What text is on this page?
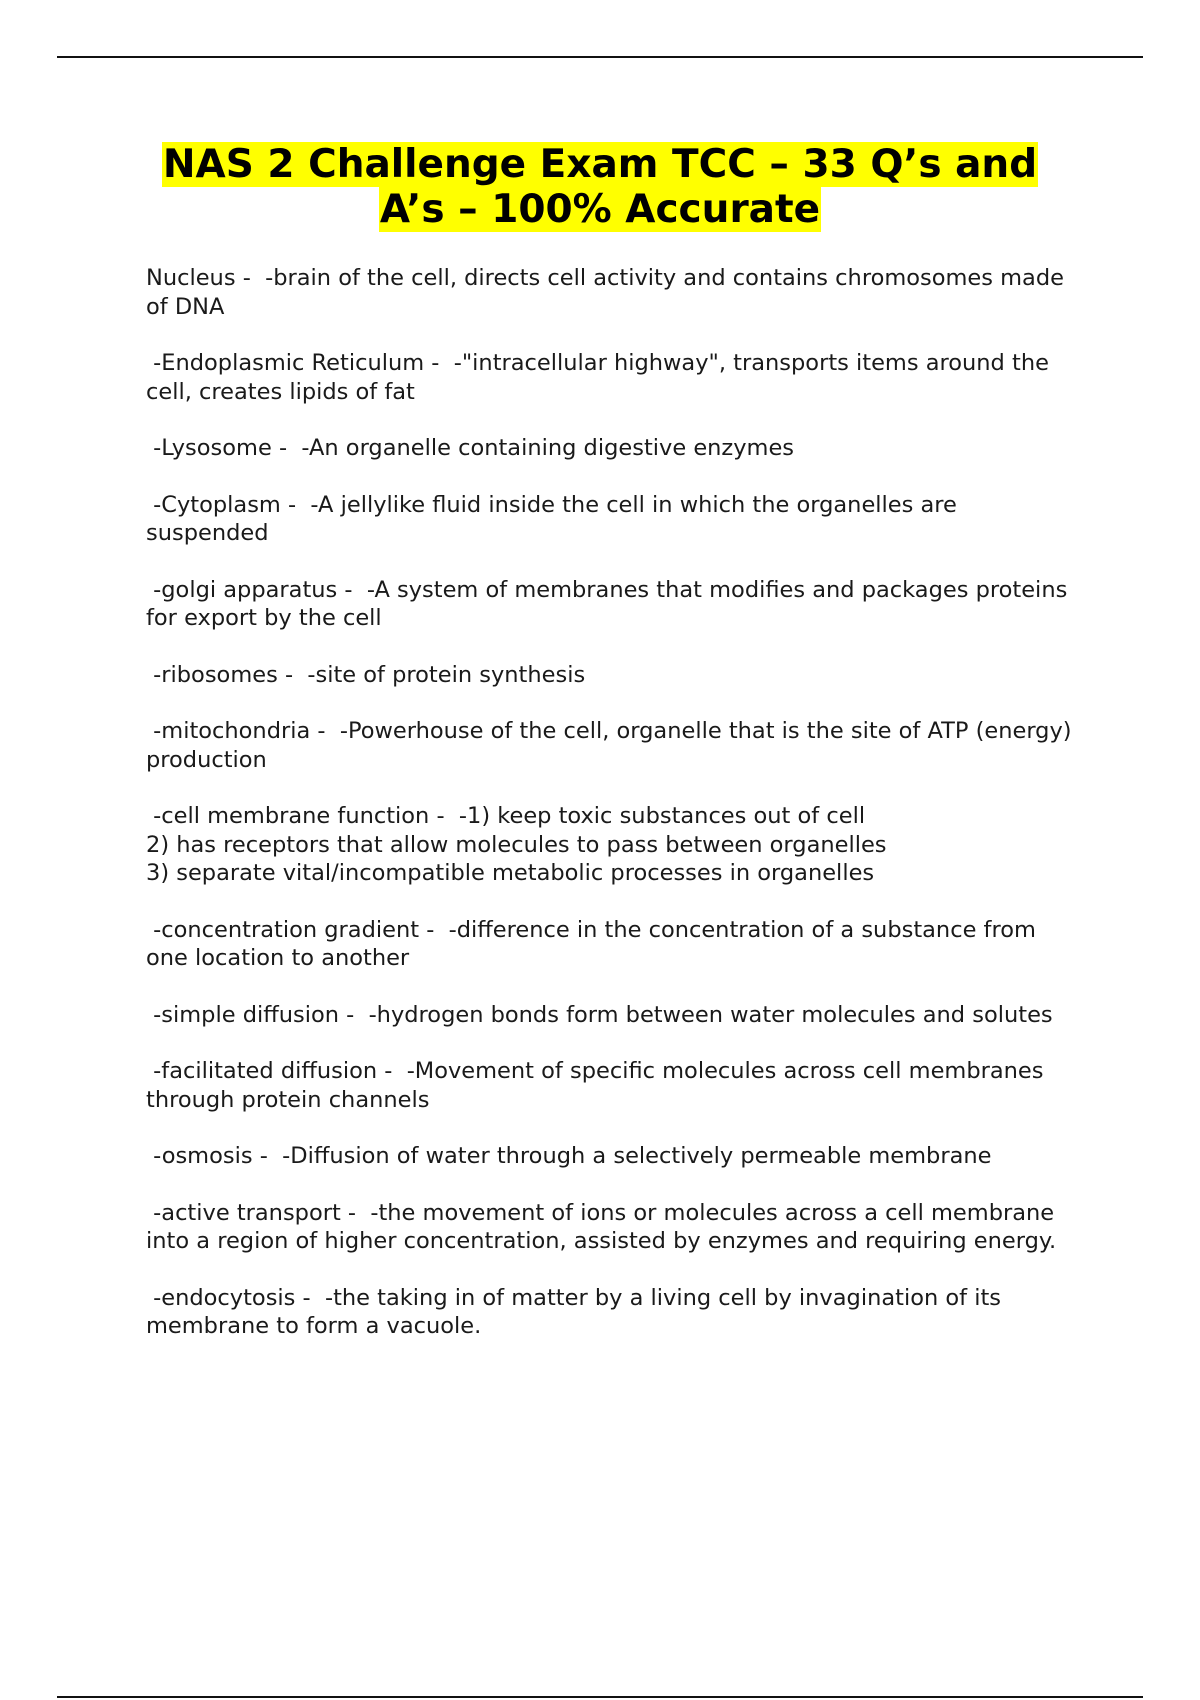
NAS 2 Challenge Exam TCC – 33 Q’s and
A’s – 100% Accurate

Nucleus -  -brain of the cell, directs cell activity and contains chromosomes made of DNA

-Endoplasmic Reticulum -  -"intracellular highway", transports items around the cell, creates lipids of fat

-Lysosome -  -An organelle containing digestive enzymes

-Cytoplasm -  -A jellylike fluid inside the cell in which the organelles are suspended

-golgi apparatus -  -A system of membranes that modifies and packages proteins for export by the cell

-ribosomes -  -site of protein synthesis

-mitochondria -  -Powerhouse of the cell, organelle that is the site of ATP (energy) production

-cell membrane function -  -1) keep toxic substances out of cell
2) has receptors that allow molecules to pass between organelles
3) separate vital/incompatible metabolic processes in organelles

-concentration gradient -  -difference in the concentration of a substance from one location to another

-simple diffusion -  -hydrogen bonds form between water molecules and solutes

-facilitated diffusion -  -Movement of specific molecules across cell membranes through protein channels

-osmosis -  -Diffusion of water through a selectively permeable membrane

-active transport -  -the movement of ions or molecules across a cell membrane into a region of higher concentration, assisted by enzymes and requiring energy.

-endocytosis -  -the taking in of matter by a living cell by invagination of its membrane to form a vacuole.
